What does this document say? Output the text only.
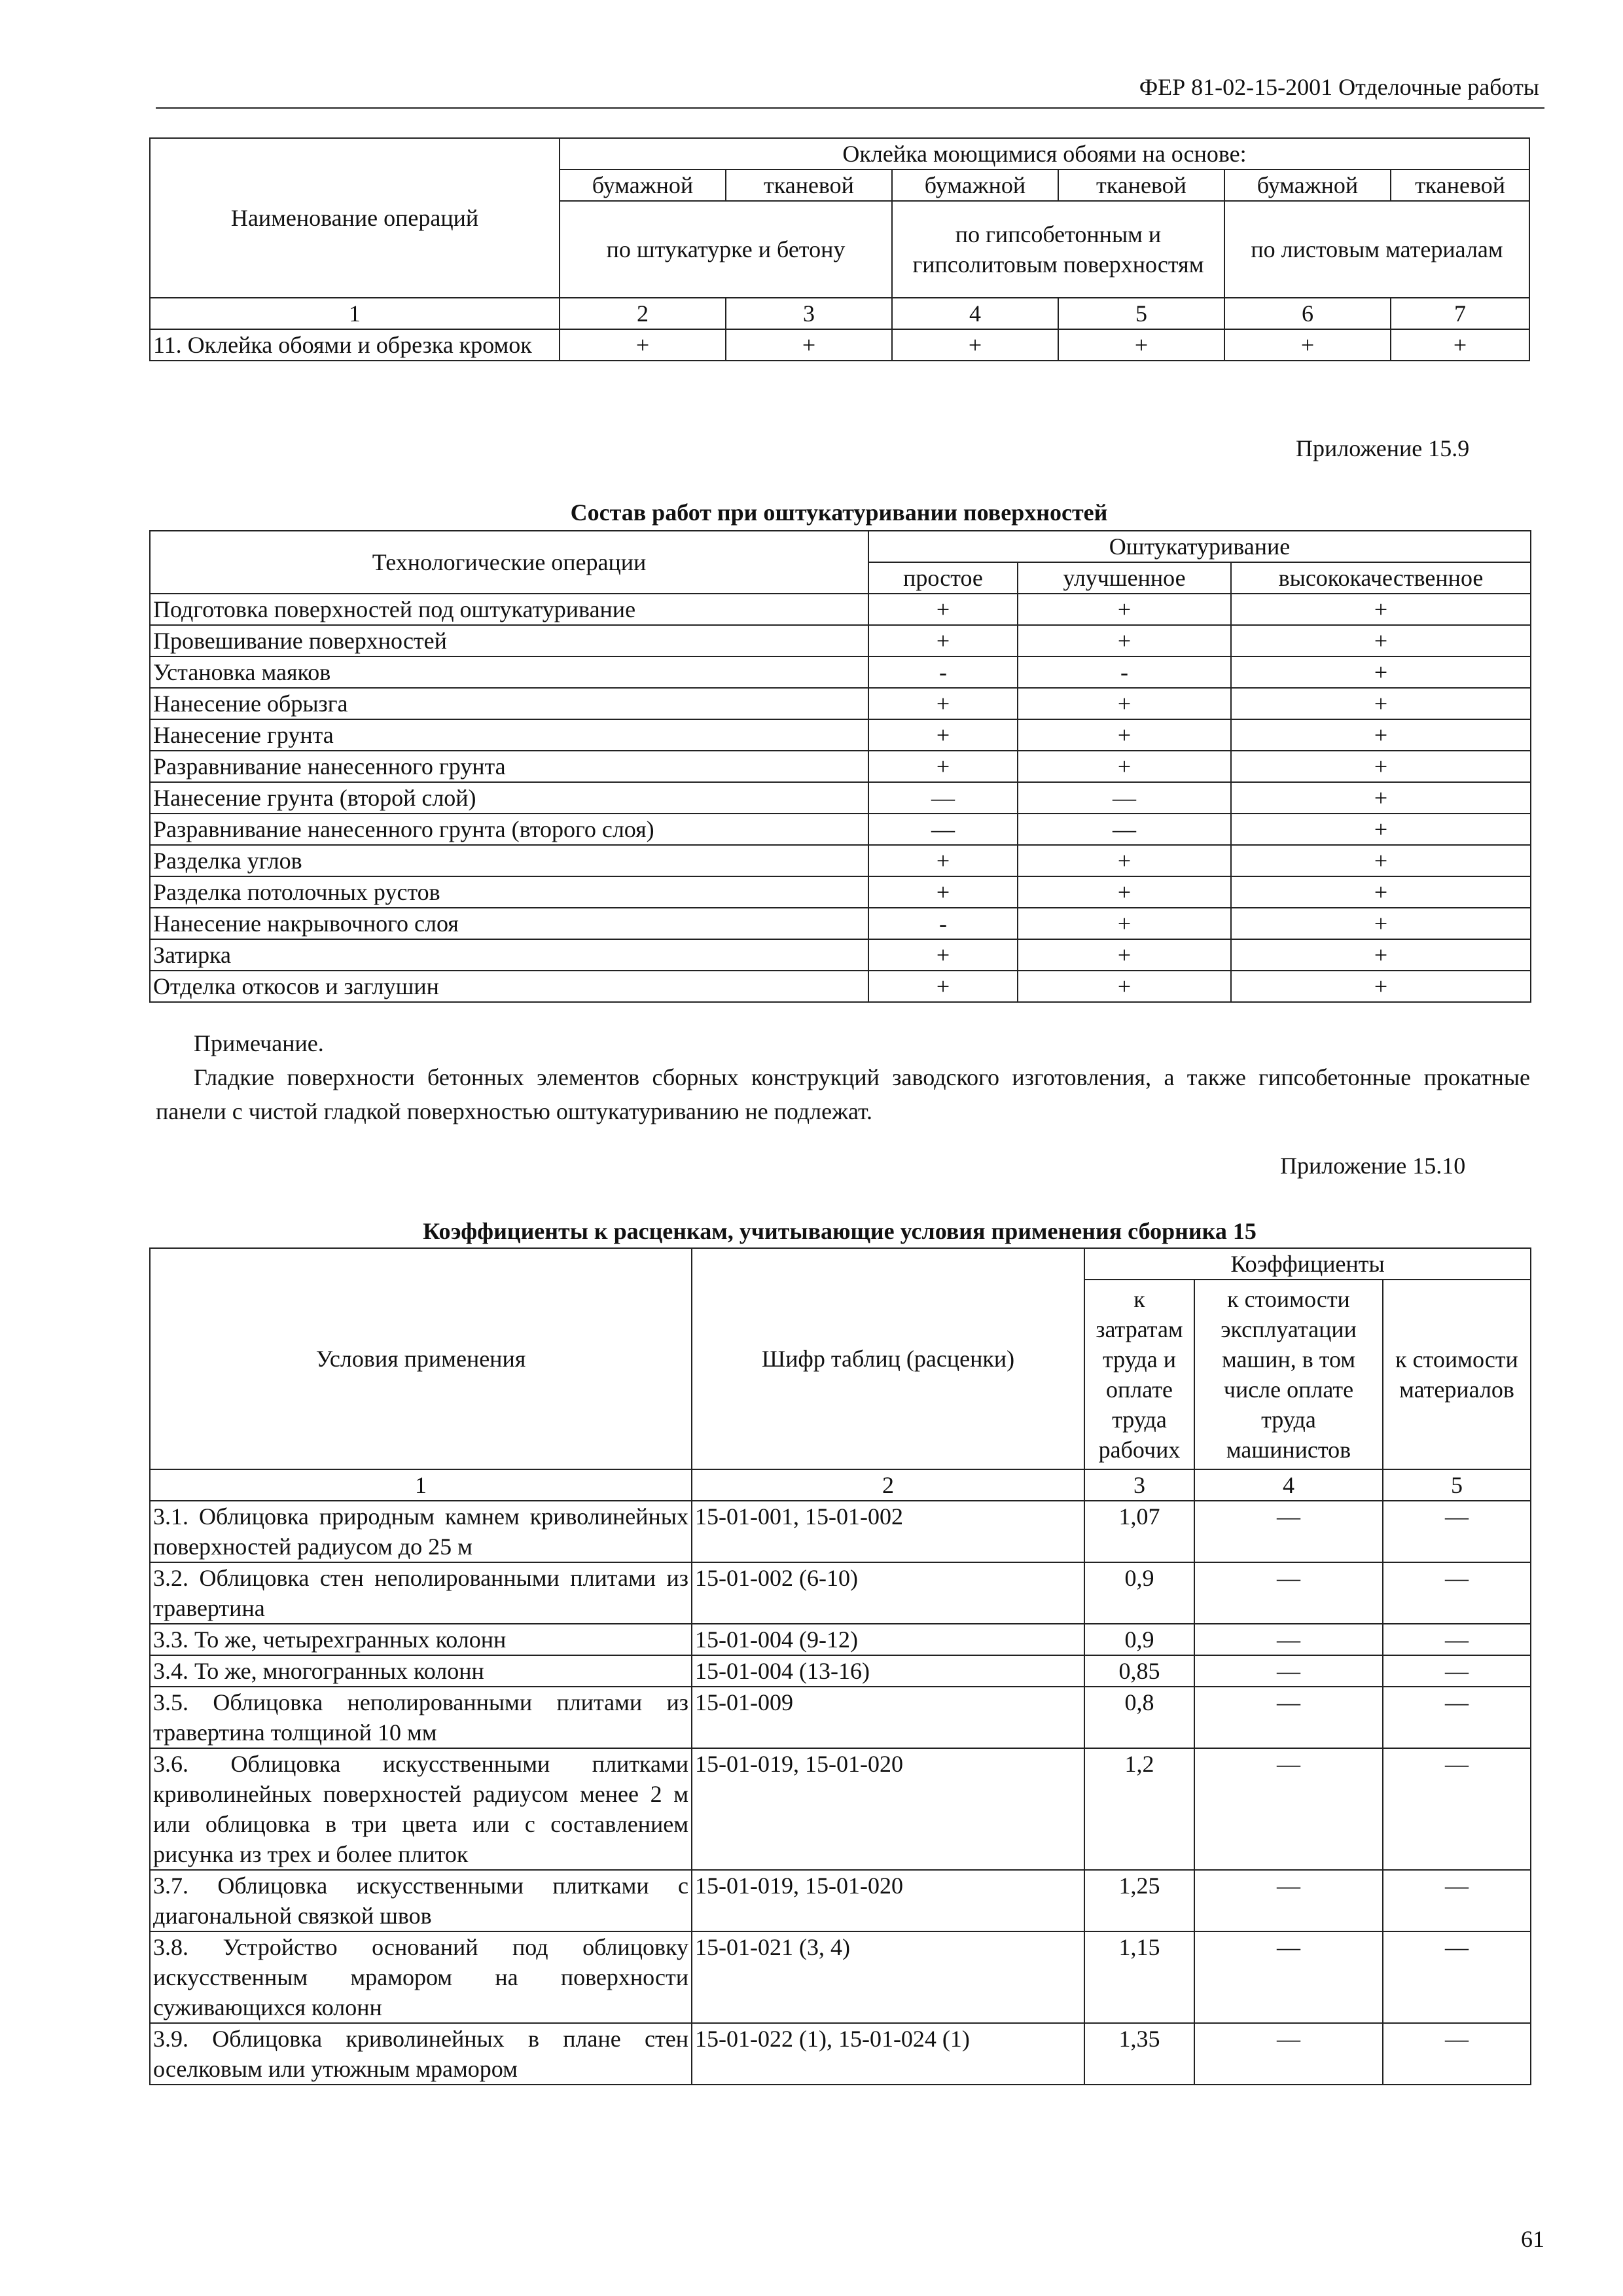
ФЕР 81-02-15-2001 Отделочные работы
Наименование операций	Оклейка моющимися обоями на основе:					
	бумажной	тканевой	бумажной	тканевой	бумажной	тканевой
	по штукатурке и бетону		по гипсобетонным и гипсолитовым поверхностям		по листовым материалам	
1	2	3	4	5	6	7
11. Оклейка обоями и обрезка кромок	+	+	+	+	+	+
Приложение 15.9
Состав работ при оштукатуривании поверхностей
Технологические операции	Оштукатуривание		
	простое	улучшенное	высококачественное
Подготовка поверхностей под оштукатуривание	+	+	+
Провешивание поверхностей	+	+	+
Установка маяков	-	-	+
Нанесение обрызга	+	+	+
Нанесение грунта	+	+	+
Разравнивание нанесенного грунта	+	+	+
Нанесение грунта (второй слой)	—	—	+
Разравнивание нанесенного грунта (второго слоя)	—	—	+
Разделка углов	+	+	+
Разделка потолочных рустов	+	+	+
Нанесение накрывочного слоя	-	+	+
Затирка	+	+	+
Отделка откосов и заглушин	+	+	+
Примечание.
Гладкие поверхности бетонных элементов сборных конструкций заводского изготовления, а также гипсобетонные прокатные панели с чистой гладкой поверхностью оштукатуриванию не подлежат.
Приложение 15.10
Коэффициенты к расценкам, учитывающие условия применения сборника 15
Условия применения	Шифр таблиц (расценки)	Коэффициенты		
		к затратам труда и оплате труда рабочих	к стоимости эксплуатации машин, в том числе оплате труда машинистов	к стоимости материалов
1	2	3	4	5
3.1. Облицовка природным камнем криволинейных поверхностей радиусом до 25 м	15-01-001, 15-01-002	1,07	—	—
3.2. Облицовка стен неполированными плитами из травертина	15-01-002 (6-10)	0,9	—	—
3.3. То же, четырехгранных колонн	15-01-004 (9-12)	0,9	—	—
3.4. То же, многогранных колонн	15-01-004 (13-16)	0,85	—	—
3.5. Облицовка неполированными плитами из травертина толщиной 10 мм	15-01-009	0,8	—	—
3.6. Облицовка искусственными плитками криволинейных поверхностей радиусом менее 2 м или облицовка в три цвета или с составлением рисунка из трех и более плиток	15-01-019, 15-01-020	1,2	—	—
3.7. Облицовка искусственными плитками с диагональной связкой швов	15-01-019, 15-01-020	1,25	—	—
3.8. Устройство оснований под облицовку искусственным мрамором на поверхности суживающихся колонн	15-01-021 (3, 4)	1,15	—	—
3.9. Облицовка криволинейных в плане стен оселковым или утюжным мрамором	15-01-022 (1), 15-01-024 (1)	1,35	—	—
61
